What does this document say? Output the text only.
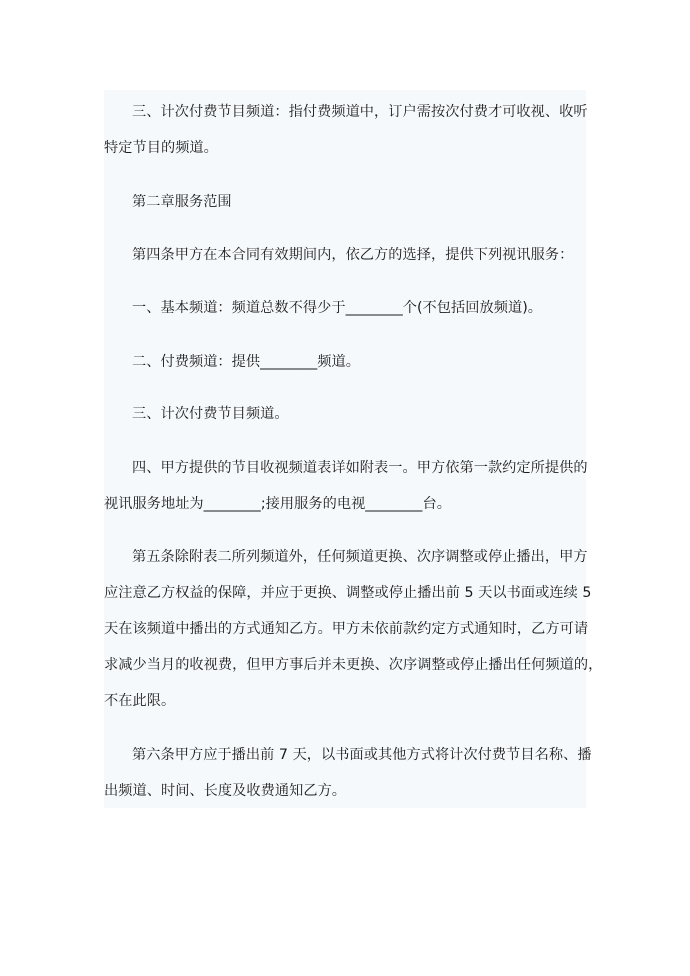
三、计次付费节目频道：指付费频道中，订户需按次付费才可收视、收听
特定节目的频道。
第二章服务范围
第四条甲方在本合同有效期间内，依乙方的选择，提供下列视讯服务：
一、基本频道：频道总数不得少于________个(不包括回放频道)。
二、付费频道：提供________频道。
三、计次付费节目频道。
四、甲方提供的节目收视频道表详如附表一。甲方依第一款约定所提供的
视讯服务地址为________;接用服务的电视________台。
第五条除附表二所列频道外，任何频道更换、次序调整或停止播出，甲方
应注意乙方权益的保障，并应于更换、调整或停止播出前 5 天以书面或连续 5
天在该频道中播出的方式通知乙方。甲方未依前款约定方式通知时，乙方可请
求减少当月的收视费，但甲方事后并未更换、次序调整或停止播出任何频道的，
不在此限。
第六条甲方应于播出前 7 天，以书面或其他方式将计次付费节目名称、播
出频道、时间、长度及收费通知乙方。
